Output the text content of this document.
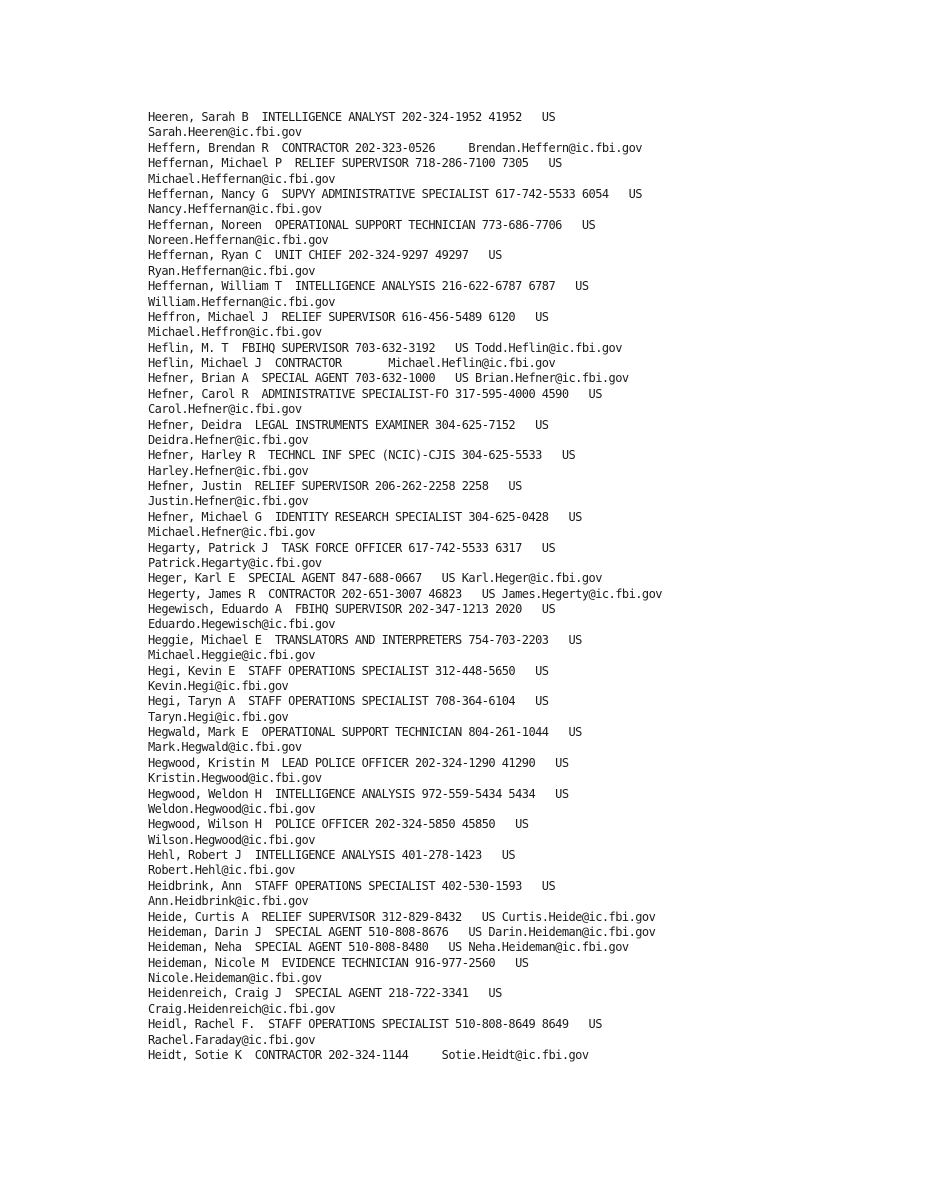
Heeren, Sarah B  INTELLIGENCE ANALYST 202-324-1952 41952   US
Sarah.Heeren@ic.fbi.gov
Heffern, Brendan R  CONTRACTOR 202-323-0526     Brendan.Heffern@ic.fbi.gov
Heffernan, Michael P  RELIEF SUPERVISOR 718-286-7100 7305   US
Michael.Heffernan@ic.fbi.gov
Heffernan, Nancy G  SUPVY ADMINISTRATIVE SPECIALIST 617-742-5533 6054   US
Nancy.Heffernan@ic.fbi.gov
Heffernan, Noreen  OPERATIONAL SUPPORT TECHNICIAN 773-686-7706   US
Noreen.Heffernan@ic.fbi.gov
Heffernan, Ryan C  UNIT CHIEF 202-324-9297 49297   US
Ryan.Heffernan@ic.fbi.gov
Heffernan, William T  INTELLIGENCE ANALYSIS 216-622-6787 6787   US
William.Heffernan@ic.fbi.gov
Heffron, Michael J  RELIEF SUPERVISOR 616-456-5489 6120   US
Michael.Heffron@ic.fbi.gov
Heflin, M. T  FBIHQ SUPERVISOR 703-632-3192   US Todd.Heflin@ic.fbi.gov
Heflin, Michael J  CONTRACTOR       Michael.Heflin@ic.fbi.gov
Hefner, Brian A  SPECIAL AGENT 703-632-1000   US Brian.Hefner@ic.fbi.gov
Hefner, Carol R  ADMINISTRATIVE SPECIALIST-FO 317-595-4000 4590   US
Carol.Hefner@ic.fbi.gov
Hefner, Deidra  LEGAL INSTRUMENTS EXAMINER 304-625-7152   US
Deidra.Hefner@ic.fbi.gov
Hefner, Harley R  TECHNCL INF SPEC (NCIC)-CJIS 304-625-5533   US
Harley.Hefner@ic.fbi.gov
Hefner, Justin  RELIEF SUPERVISOR 206-262-2258 2258   US
Justin.Hefner@ic.fbi.gov
Hefner, Michael G  IDENTITY RESEARCH SPECIALIST 304-625-0428   US
Michael.Hefner@ic.fbi.gov
Hegarty, Patrick J  TASK FORCE OFFICER 617-742-5533 6317   US
Patrick.Hegarty@ic.fbi.gov
Heger, Karl E  SPECIAL AGENT 847-688-0667   US Karl.Heger@ic.fbi.gov
Hegerty, James R  CONTRACTOR 202-651-3007 46823   US James.Hegerty@ic.fbi.gov
Hegewisch, Eduardo A  FBIHQ SUPERVISOR 202-347-1213 2020   US
Eduardo.Hegewisch@ic.fbi.gov
Heggie, Michael E  TRANSLATORS AND INTERPRETERS 754-703-2203   US
Michael.Heggie@ic.fbi.gov
Hegi, Kevin E  STAFF OPERATIONS SPECIALIST 312-448-5650   US
Kevin.Hegi@ic.fbi.gov
Hegi, Taryn A  STAFF OPERATIONS SPECIALIST 708-364-6104   US
Taryn.Hegi@ic.fbi.gov
Hegwald, Mark E  OPERATIONAL SUPPORT TECHNICIAN 804-261-1044   US
Mark.Hegwald@ic.fbi.gov
Hegwood, Kristin M  LEAD POLICE OFFICER 202-324-1290 41290   US
Kristin.Hegwood@ic.fbi.gov
Hegwood, Weldon H  INTELLIGENCE ANALYSIS 972-559-5434 5434   US
Weldon.Hegwood@ic.fbi.gov
Hegwood, Wilson H  POLICE OFFICER 202-324-5850 45850   US
Wilson.Hegwood@ic.fbi.gov
Hehl, Robert J  INTELLIGENCE ANALYSIS 401-278-1423   US
Robert.Hehl@ic.fbi.gov
Heidbrink, Ann  STAFF OPERATIONS SPECIALIST 402-530-1593   US
Ann.Heidbrink@ic.fbi.gov
Heide, Curtis A  RELIEF SUPERVISOR 312-829-8432   US Curtis.Heide@ic.fbi.gov
Heideman, Darin J  SPECIAL AGENT 510-808-8676   US Darin.Heideman@ic.fbi.gov
Heideman, Neha  SPECIAL AGENT 510-808-8480   US Neha.Heideman@ic.fbi.gov
Heideman, Nicole M  EVIDENCE TECHNICIAN 916-977-2560   US
Nicole.Heideman@ic.fbi.gov
Heidenreich, Craig J  SPECIAL AGENT 218-722-3341   US
Craig.Heidenreich@ic.fbi.gov
Heidl, Rachel F.  STAFF OPERATIONS SPECIALIST 510-808-8649 8649   US
Rachel.Faraday@ic.fbi.gov
Heidt, Sotie K  CONTRACTOR 202-324-1144     Sotie.Heidt@ic.fbi.gov
